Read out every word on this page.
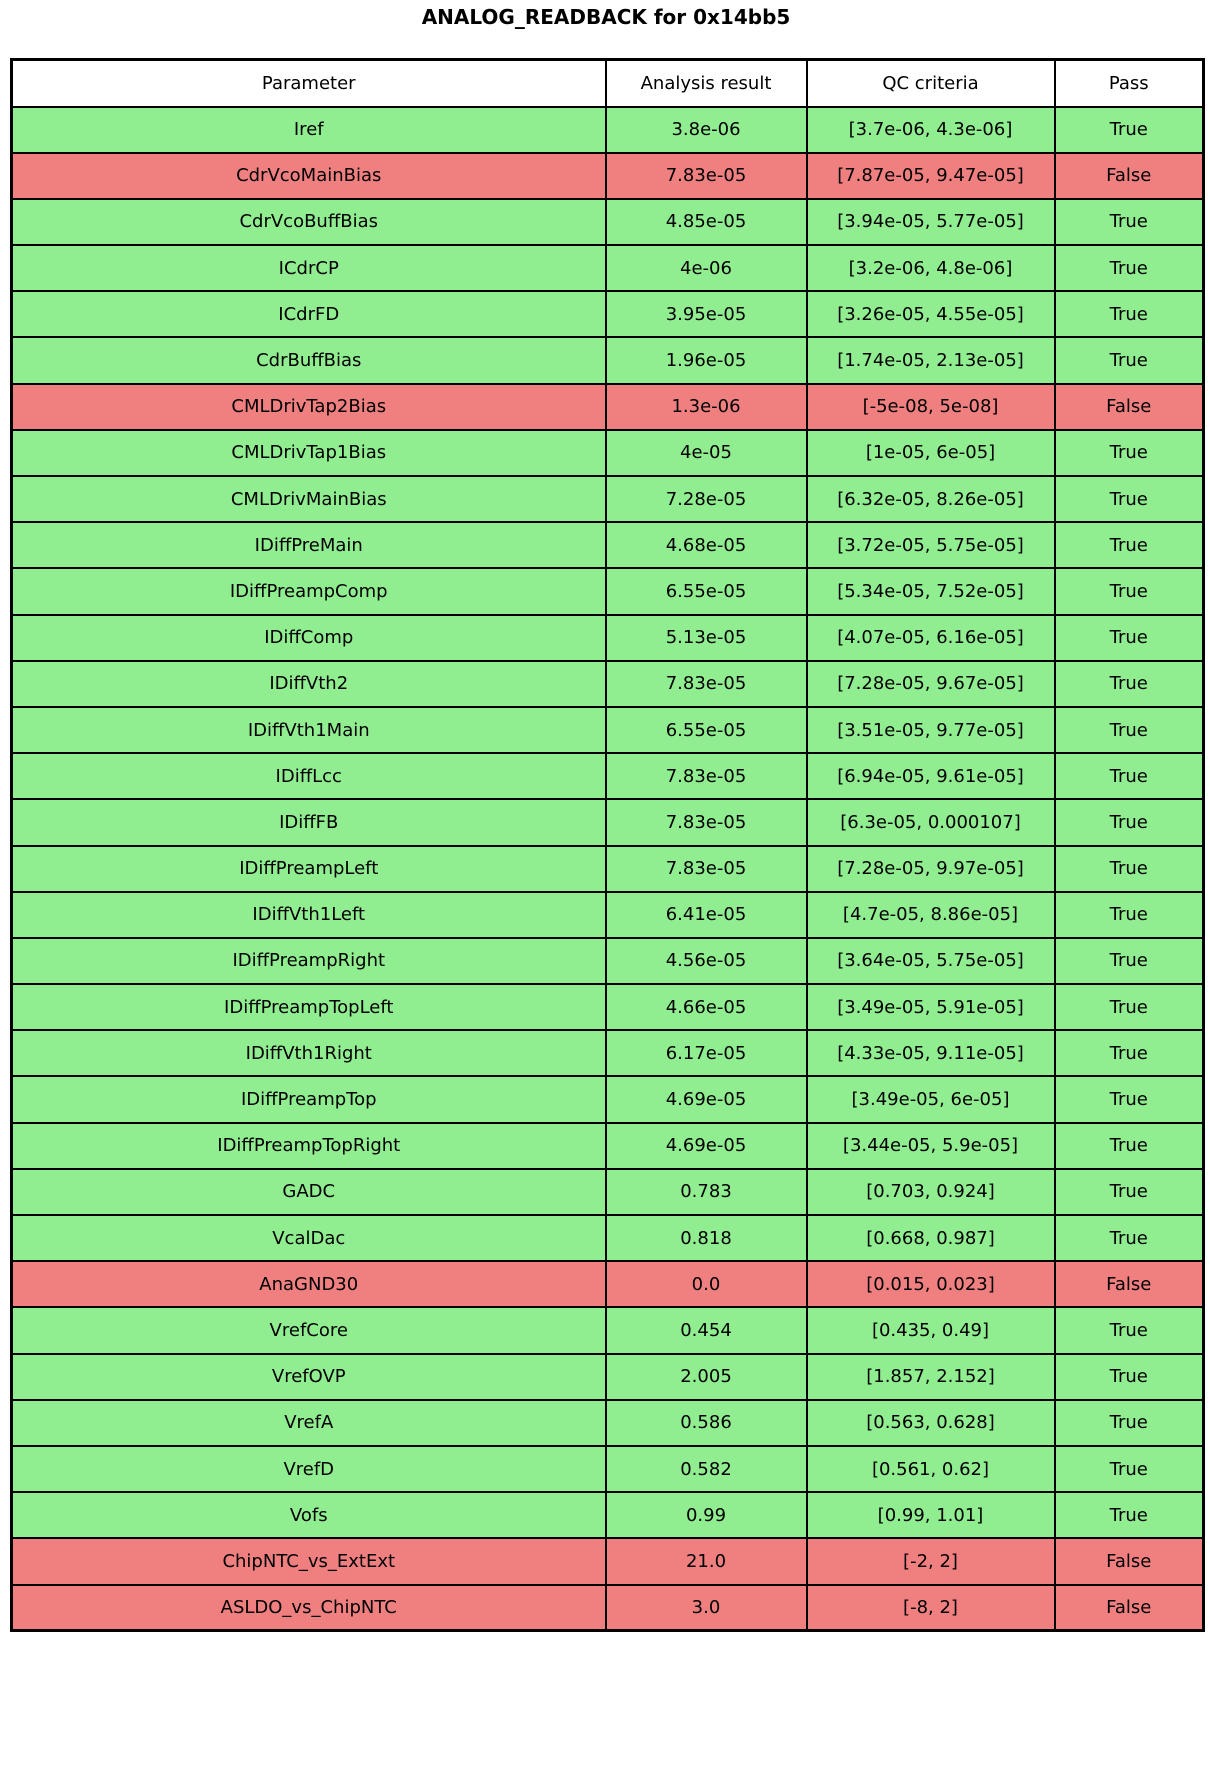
ANALOG_READBACK for 0x14bb5
Parameter	Analysis result	QC criteria	Pass
Iref	3.8e-06	[3.7e-06, 4.3e-06]	True
CdrVcoMainBias	7.83e-05	[7.87e-05, 9.47e-05]	False
CdrVcoBuffBias	4.85e-05	[3.94e-05, 5.77e-05]	True
ICdrCP	4e-06	[3.2e-06, 4.8e-06]	True
ICdrFD	3.95e-05	[3.26e-05, 4.55e-05]	True
CdrBuffBias	1.96e-05	[1.74e-05, 2.13e-05]	True
CMLDrivTap2Bias	1.3e-06	[-5e-08, 5e-08]	False
CMLDrivTap1Bias	4e-05	[1e-05, 6e-05]	True
CMLDrivMainBias	7.28e-05	[6.32e-05, 8.26e-05]	True
IDiffPreMain	4.68e-05	[3.72e-05, 5.75e-05]	True
IDiffPreampComp	6.55e-05	[5.34e-05, 7.52e-05]	True
IDiffComp	5.13e-05	[4.07e-05, 6.16e-05]	True
IDiffVth2	7.83e-05	[7.28e-05, 9.67e-05]	True
IDiffVth1Main	6.55e-05	[3.51e-05, 9.77e-05]	True
IDiffLcc	7.83e-05	[6.94e-05, 9.61e-05]	True
IDiffFB	7.83e-05	[6.3e-05, 0.000107]	True
IDiffPreampLeft	7.83e-05	[7.28e-05, 9.97e-05]	True
IDiffVth1Left	6.41e-05	[4.7e-05, 8.86e-05]	True
IDiffPreampRight	4.56e-05	[3.64e-05, 5.75e-05]	True
IDiffPreampTopLeft	4.66e-05	[3.49e-05, 5.91e-05]	True
IDiffVth1Right	6.17e-05	[4.33e-05, 9.11e-05]	True
IDiffPreampTop	4.69e-05	[3.49e-05, 6e-05]	True
IDiffPreampTopRight	4.69e-05	[3.44e-05, 5.9e-05]	True
GADC	0.783	[0.703, 0.924]	True
VcalDac	0.818	[0.668, 0.987]	True
AnaGND30	0.0	[0.015, 0.023]	False
VrefCore	0.454	[0.435, 0.49]	True
VrefOVP	2.005	[1.857, 2.152]	True
VrefA	0.586	[0.563, 0.628]	True
VrefD	0.582	[0.561, 0.62]	True
Vofs	0.99	[0.99, 1.01]	True
ChipNTC_vs_ExtExt	21.0	[-2, 2]	False
ASLDO_vs_ChipNTC	3.0	[-8, 2]	False
